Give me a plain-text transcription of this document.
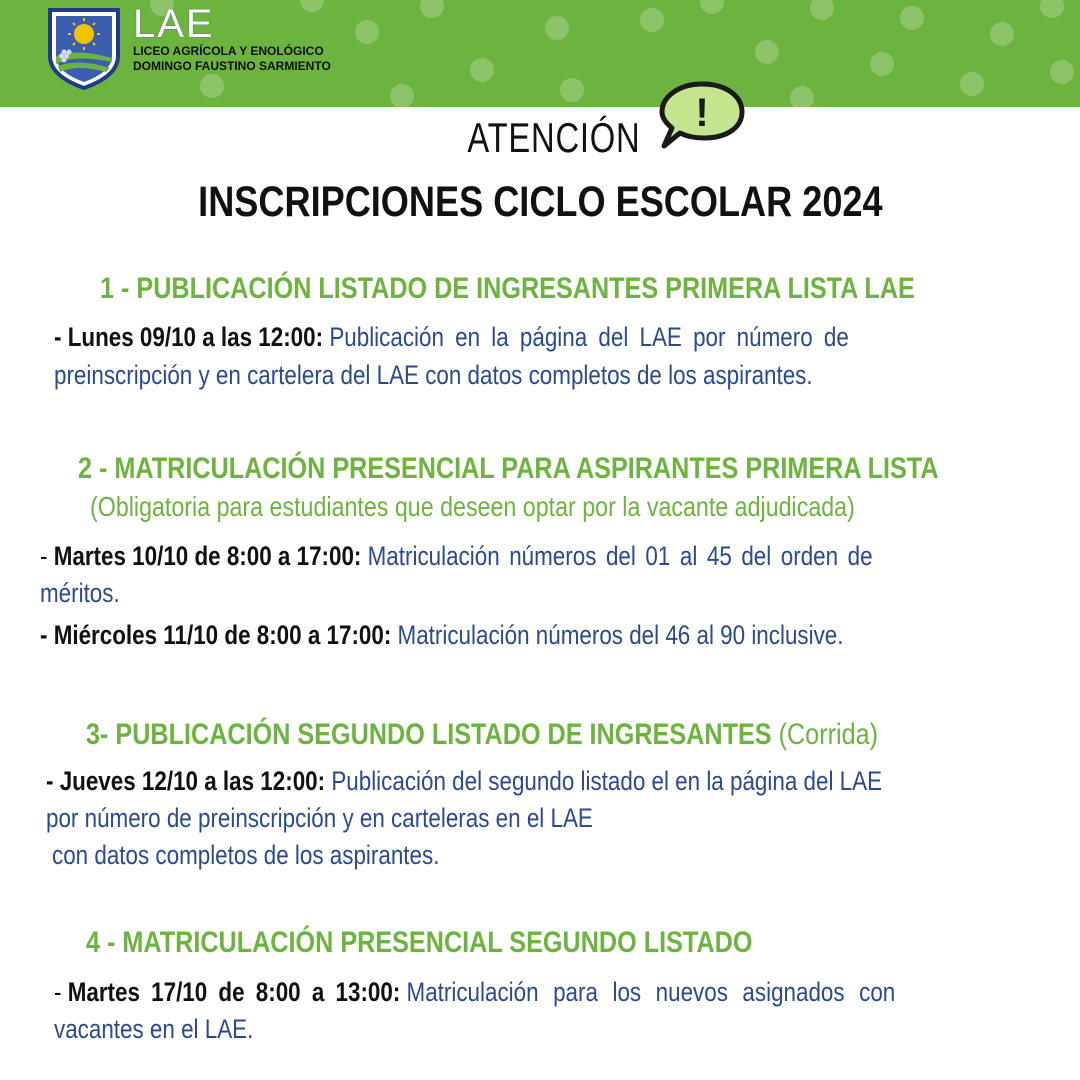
LAE
LICEO AGRÍCOLA Y ENOLÓGICO
DOMINGO FAUSTINO SARMIENTO
ATENCIÓN
!
INSCRIPCIONES CICLO ESCOLAR 2024
1 - PUBLICACIÓN LISTADO DE INGRESANTES PRIMERA LISTA LAE
- Lunes 09/10 a las 12:00: Publicación en la página del LAE por número de
preinscripción y en cartelera del LAE con datos completos de los aspirantes.
2 - MATRICULACIÓN PRESENCIAL PARA ASPIRANTES PRIMERA LISTA
(Obligatoria para estudiantes que deseen optar por la vacante adjudicada)
- Martes 10/10 de 8:00 a 17:00: Matriculación números del 01 al 45 del orden de
méritos.
- Miércoles 11/10 de 8:00 a 17:00: Matriculación números del 46 al 90 inclusive.
3- PUBLICACIÓN SEGUNDO LISTADO DE INGRESANTES (Corrida)
- Jueves 12/10 a las 12:00: Publicación del segundo listado el en la página del LAE
por número de preinscripción y en carteleras en el LAE
con datos completos de los aspirantes.
4 - MATRICULACIÓN PRESENCIAL SEGUNDO LISTADO
- Martes 17/10 de 8:00 a 13:00: Matriculación para los nuevos asignados con
vacantes en el LAE.
